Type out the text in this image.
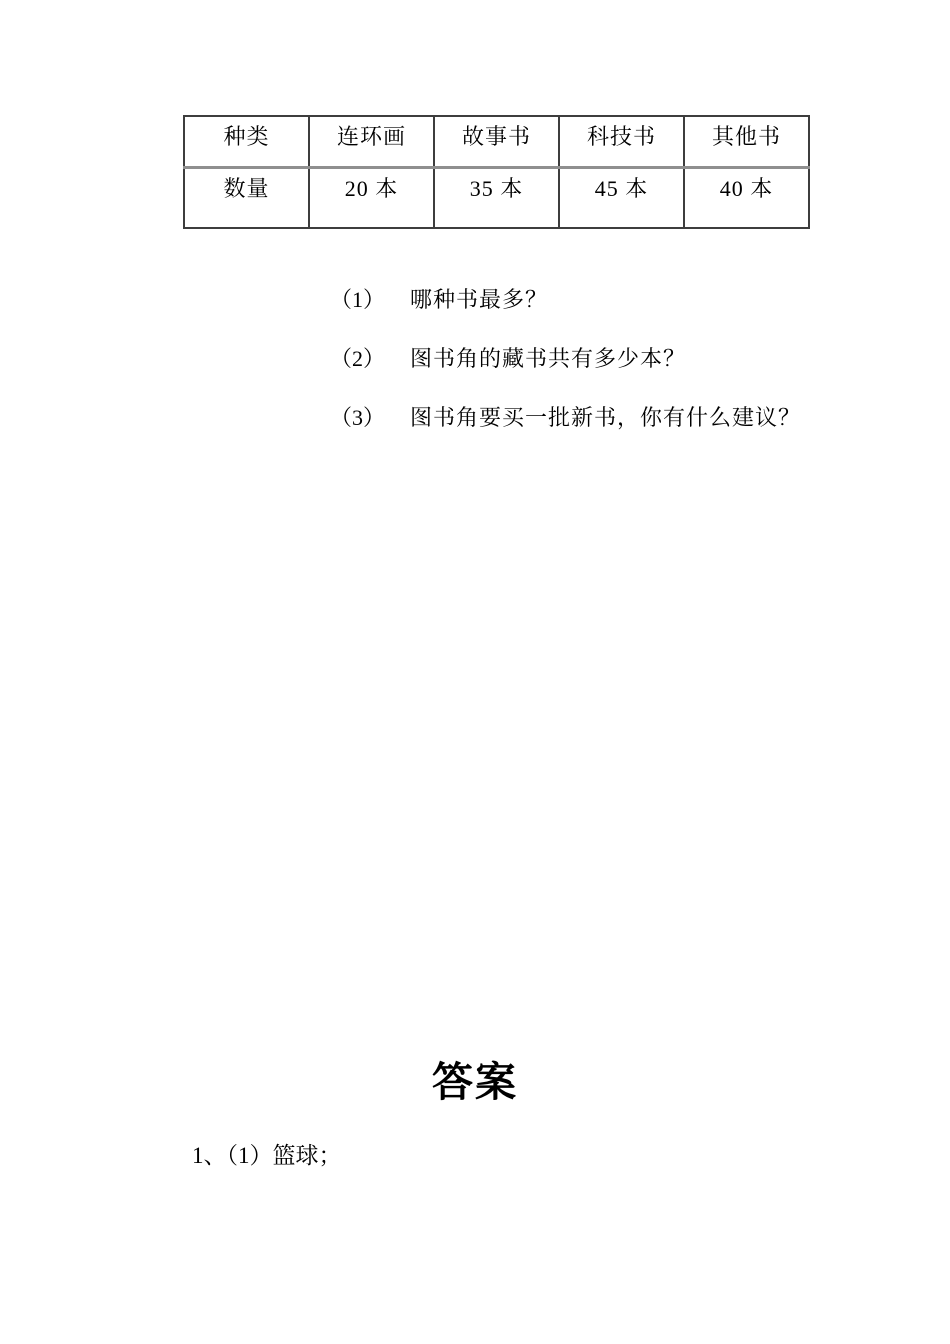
种类	连环画	故事书	科技书	其他书
数量	20 本	35 本	45 本	40 本
（1）	哪种书最多？
（2）	图书角的藏书共有多少本？
（3）	图书角要买一批新书，你有什么建议？
答案
1、（1）篮球；
